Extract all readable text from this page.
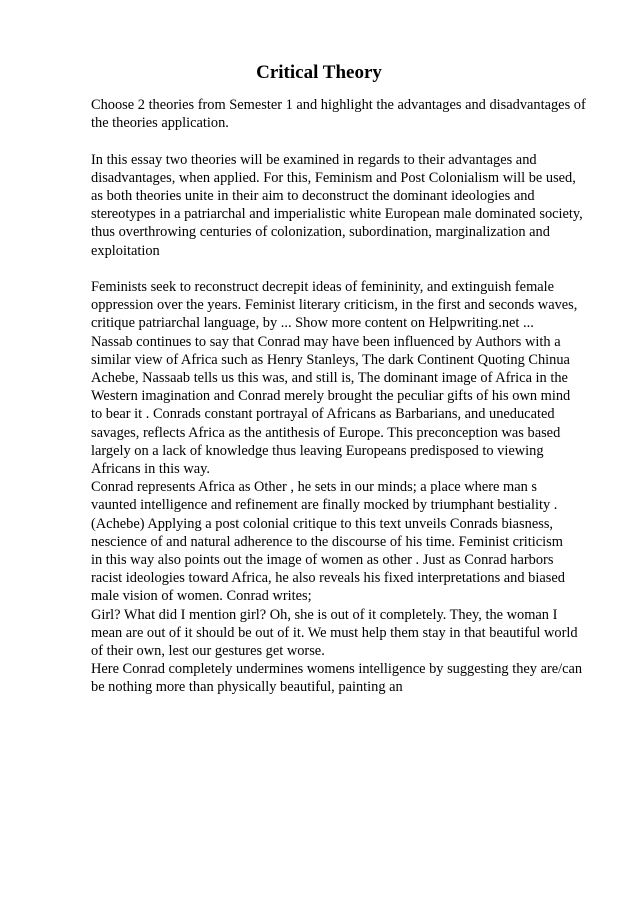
Critical Theory
Choose 2 theories from Semester 1 and highlight the advantages and disadvantages of
the theories application.
In this essay two theories will be examined in regards to their advantages and
disadvantages, when applied. For this, Feminism and Post Colonialism will be used,
as both theories unite in their aim to deconstruct the dominant ideologies and
stereotypes in a patriarchal and imperialistic white European male dominated society,
thus overthrowing centuries of colonization, subordination, marginalization and
exploitation
Feminists seek to reconstruct decrepit ideas of femininity, and extinguish female
oppression over the years. Feminist literary criticism, in the first and seconds waves,
critique patriarchal language, by ... Show more content on Helpwriting.net ...
Nassab continues to say that Conrad may have been influenced by Authors with a
similar view of Africa such as Henry Stanleys, The dark Continent Quoting Chinua
Achebe, Nassaab tells us this was, and still is, The dominant image of Africa in the
Western imagination and Conrad merely brought the peculiar gifts of his own mind
to bear it . Conrads constant portrayal of Africans as Barbarians, and uneducated
savages, reflects Africa as the antithesis of Europe. This preconception was based
largely on a lack of knowledge thus leaving Europeans predisposed to viewing
Africans in this way.
Conrad represents Africa as Other , he sets in our minds; a place where man s
vaunted intelligence and refinement are finally mocked by triumphant bestiality .
(Achebe) Applying a post colonial critique to this text unveils Conrads biasness,
nescience of and natural adherence to the discourse of his time. Feminist criticism
in this way also points out the image of women as other . Just as Conrad harbors
racist ideologies toward Africa, he also reveals his fixed interpretations and biased
male vision of women. Conrad writes;
Girl? What did I mention girl? Oh, she is out of it completely. They, the woman I
mean are out of it should be out of it. We must help them stay in that beautiful world
of their own, lest our gestures get worse.
Here Conrad completely undermines womens intelligence by suggesting they are/can
be nothing more than physically beautiful, painting an
